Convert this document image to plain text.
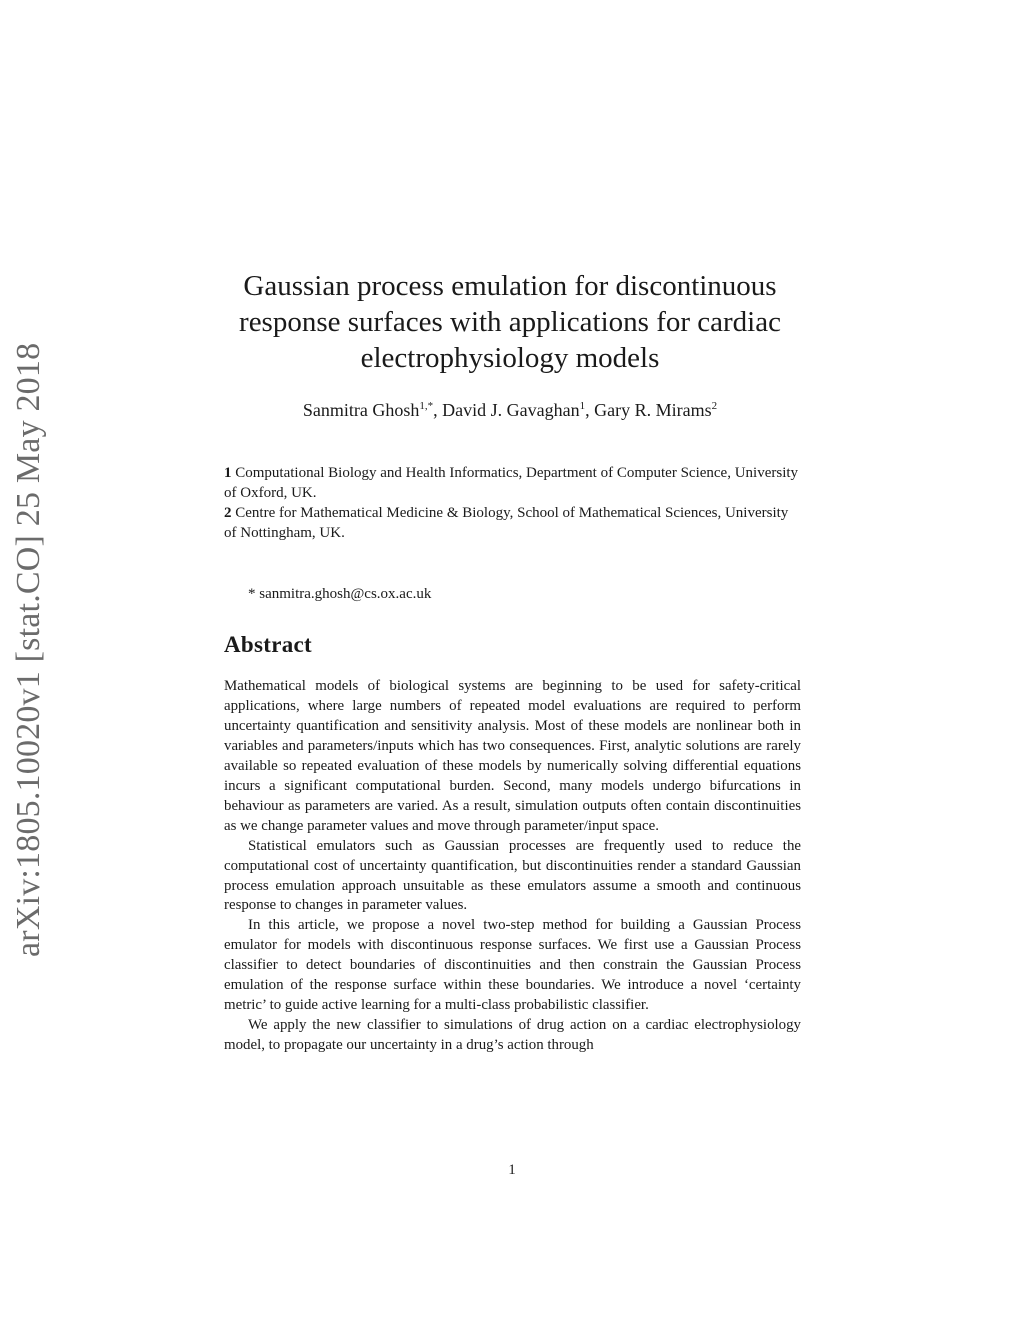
arXiv:1805.10020v1 [stat.CO] 25 May 2018
Gaussian process emulation for discontinuous
response surfaces with applications for cardiac
electrophysiology models
Sanmitra Ghosh$^{1,*}$, David J. Gavaghan$^1$, Gary R. Mirams$^2$
1 Computational Biology and Health Informatics, Department of Computer Science, University of Oxford, UK.
2 Centre for Mathematical Medicine & Biology, School of Mathematical Sciences, University of Nottingham, UK.
* sanmitra.ghosh@cs.ox.ac.uk
Abstract

Mathematical models of biological systems are beginning to be used for safety-critical applications, where large numbers of repeated model evaluations are required to perform uncertainty quantification and sensitivity analysis. Most of these models are nonlinear both in variables and parameters/inputs which has two consequences. First, analytic solutions are rarely available so repeated evaluation of these models by numerically solving differential equations incurs a significant computational burden. Second, many models undergo bifurcations in behaviour as parameters are varied. As a result, simulation outputs often contain discontinuities as we change parameter values and move through parameter/input space.

Statistical emulators such as Gaussian processes are frequently used to reduce the computational cost of uncertainty quantification, but discontinuities render a standard Gaussian process emulation approach unsuitable as these emulators assume a smooth and continuous response to changes in parameter values.

In this article, we propose a novel two-step method for building a Gaussian Process emulator for models with discontinuous response surfaces. We first use a Gaussian Process classifier to detect boundaries of discontinuities and then constrain the Gaussian Process emulation of the response surface within these boundaries. We introduce a novel ‘certainty metric’ to guide active learning for a multi-class probabilistic classifier.

We apply the new classifier to simulations of drug action on a cardiac electrophysiology model, to propagate our uncertainty in a drug’s action through

1
